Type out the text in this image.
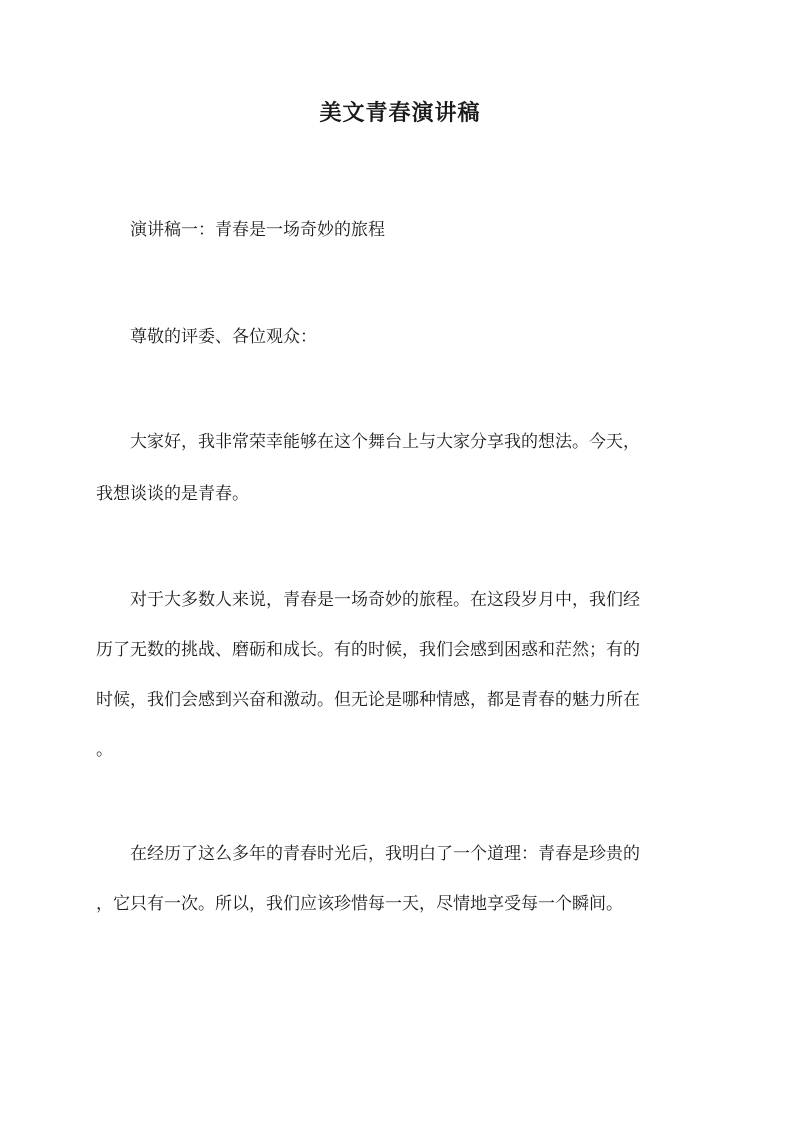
美文青春演讲稿

　　演讲稿一：青春是一场奇妙的旅程

　　尊敬的评委、各位观众：

　　大家好，我非常荣幸能够在这个舞台上与大家分享我的想法。今天，

我想谈谈的是青春。

　　对于大多数人来说，青春是一场奇妙的旅程。在这段岁月中，我们经

历了无数的挑战、磨砺和成长。有的时候，我们会感到困惑和茫然；有的

时候，我们会感到兴奋和激动。但无论是哪种情感，都是青春的魅力所在

。

　　在经历了这么多年的青春时光后，我明白了一个道理：青春是珍贵的

，它只有一次。所以，我们应该珍惜每一天，尽情地享受每一个瞬间。
